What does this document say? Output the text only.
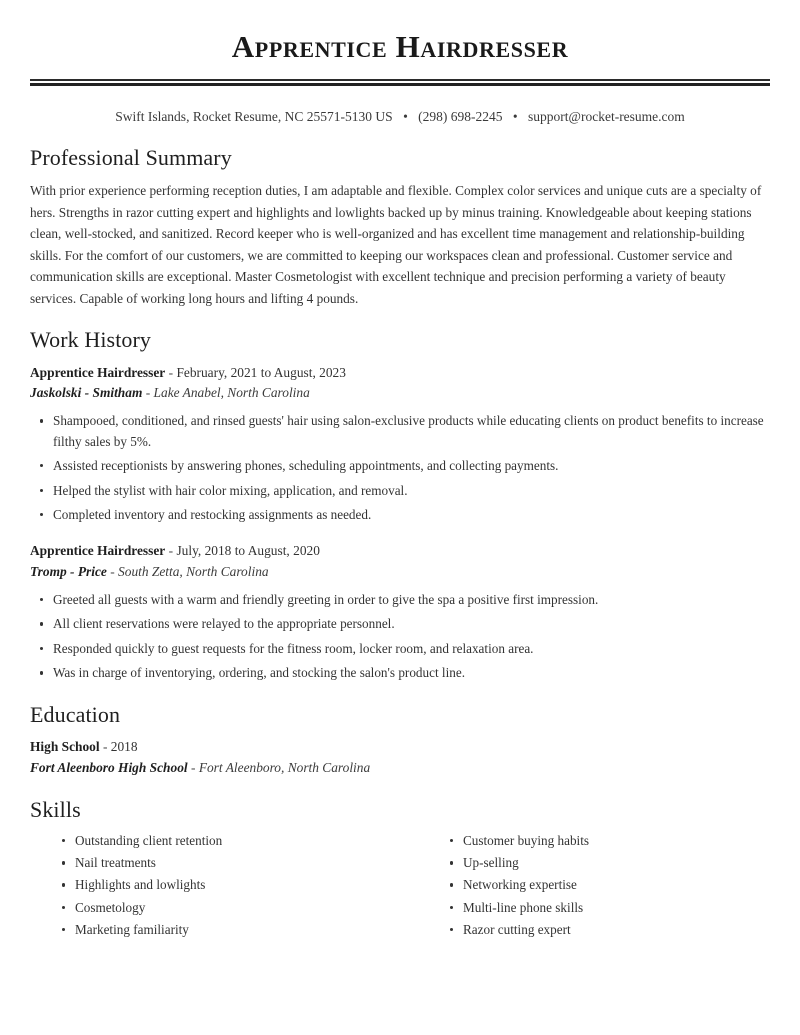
Apprentice Hairdresser
Swift Islands, Rocket Resume, NC 25571-5130 US • (298) 698-2245 • support@rocket-resume.com
Professional Summary

With prior experience performing reception duties, I am adaptable and flexible. Complex color services and unique cuts are a specialty of hers. Strengths in razor cutting expert and highlights and lowlights backed up by minus training. Knowledgeable about keeping stations clean, well-stocked, and sanitized. Record keeper who is well-organized and has excellent time management and relationship-building skills. For the comfort of our customers, we are committed to keeping our workspaces clean and professional. Customer service and communication skills are exceptional. Master Cosmetologist with excellent technique and precision performing a variety of beauty services. Capable of working long hours and lifting 4 pounds.

Work History
Apprentice Hairdresser - February, 2021 to August, 2023
Jaskolski - Smitham - Lake Anabel, North Carolina
Shampooed, conditioned, and rinsed guests' hair using salon-exclusive products while educating clients on product benefits to increase filthy sales by 5%.
Assisted receptionists by answering phones, scheduling appointments, and collecting payments.
Helped the stylist with hair color mixing, application, and removal.
Completed inventory and restocking assignments as needed.
Apprentice Hairdresser - July, 2018 to August, 2020
Tromp - Price - South Zetta, North Carolina
Greeted all guests with a warm and friendly greeting in order to give the spa a positive first impression.
All client reservations were relayed to the appropriate personnel.
Responded quickly to guest requests for the fitness room, locker room, and relaxation area.
Was in charge of inventorying, ordering, and stocking the salon's product line.
Education
High School - 2018
Fort Aleenboro High School - Fort Aleenboro, North Carolina
Skills
Outstanding client retention
Nail treatments
Highlights and lowlights
Cosmetology
Marketing familiarity
Customer buying habits
Up-selling
Networking expertise
Multi-line phone skills
Razor cutting expert
